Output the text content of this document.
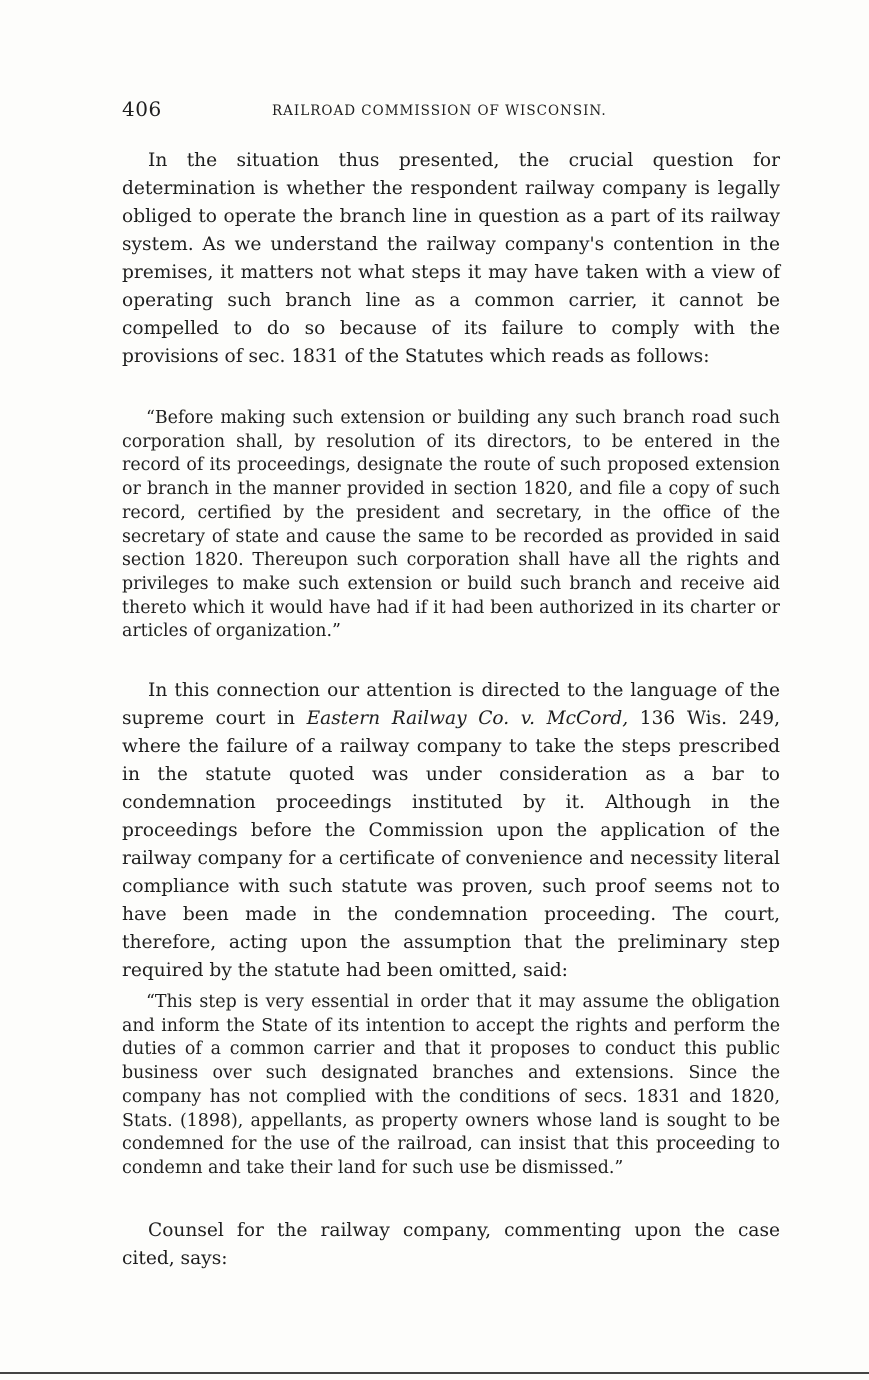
406	RAILROAD COMMISSION OF WISCONSIN.

In the situation thus presented, the crucial question for determination is whether the respondent railway company is legally obliged to operate the branch line in question as a part of its railway system. As we understand the railway company's contention in the premises, it matters not what steps it may have taken with a view of operating such branch line as a common carrier, it cannot be compelled to do so because of its failure to comply with the provisions of sec. 1831 of the Statutes which reads as follows:

“Before making such extension or building any such branch road such corporation shall, by resolution of its directors, to be entered in the record of its proceedings, designate the route of such proposed extension or branch in the manner provided in section 1820, and file a copy of such record, certified by the president and secretary, in the office of the secretary of state and cause the same to be recorded as provided in said section 1820. Thereupon such corporation shall have all the rights and privileges to make such extension or build such branch and receive aid thereto which it would have had if it had been authorized in its charter or articles of organization.”

In this connection our attention is directed to the language of the supreme court in Eastern Railway Co. v. McCord, 136 Wis. 249, where the failure of a railway company to take the steps prescribed in the statute quoted was under consideration as a bar to condemnation proceedings instituted by it. Although in the proceedings before the Commission upon the application of the railway company for a certificate of convenience and necessity literal compliance with such statute was proven, such proof seems not to have been made in the condemnation proceeding. The court, therefore, acting upon the assumption that the preliminary step required by the statute had been omitted, said:

“This step is very essential in order that it may assume the obligation and inform the State of its intention to accept the rights and perform the duties of a common carrier and that it proposes to conduct this public business over such designated branches and extensions. Since the company has not complied with the conditions of secs. 1831 and 1820, Stats. (1898), appellants, as property owners whose land is sought to be condemned for the use of the railroad, can insist that this proceeding to condemn and take their land for such use be dismissed.”

Counsel for the railway company, commenting upon the case cited, says:
